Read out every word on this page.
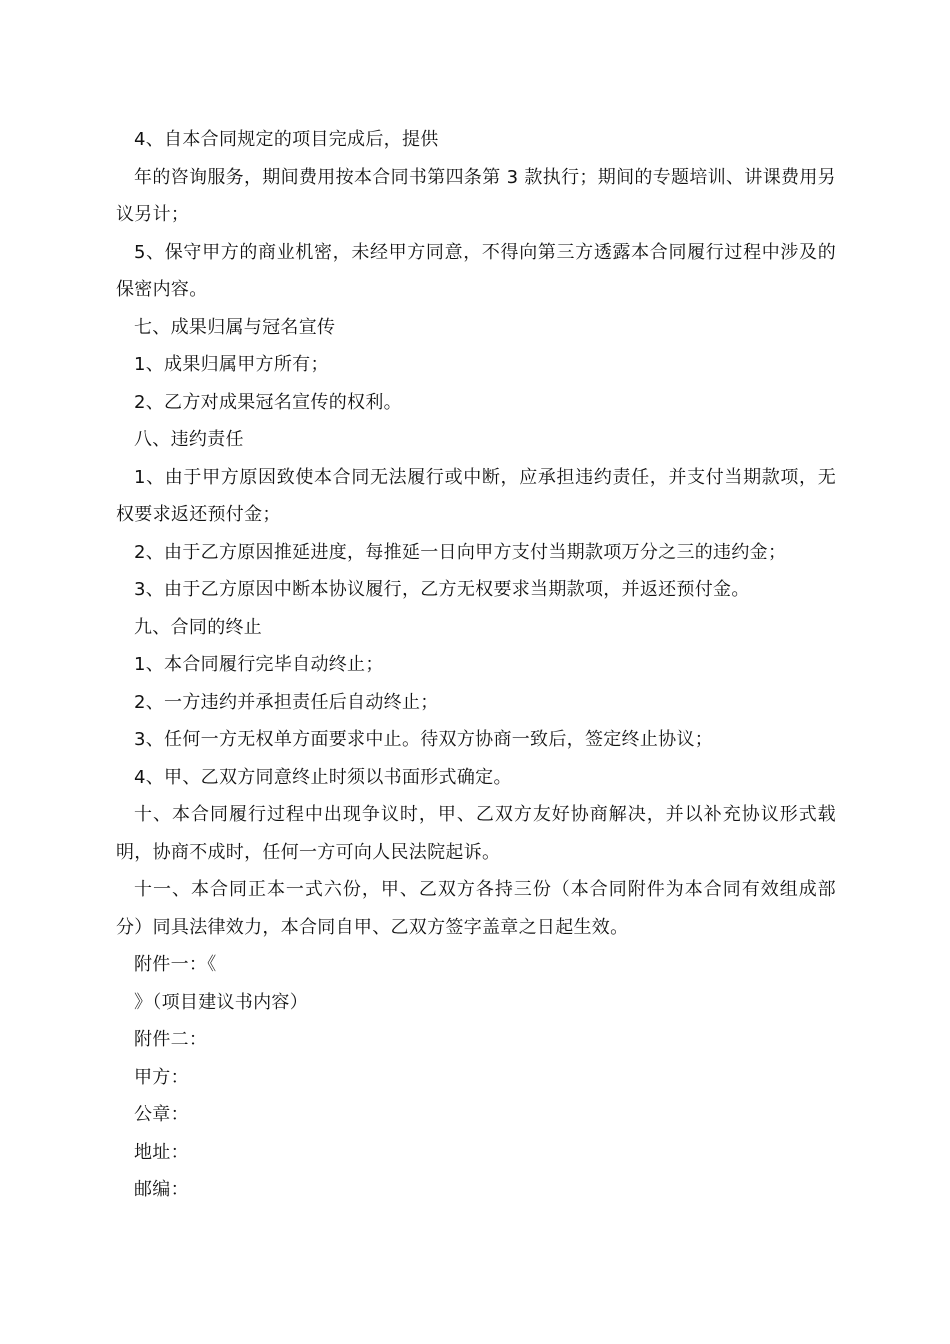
4、自本合同规定的项目完成后，提供

年的咨询服务，期间费用按本合同书第四条第 3 款执行；期间的专题培训、讲课费用另议另计；

5、保守甲方的商业机密，未经甲方同意，不得向第三方透露本合同履行过程中涉及的保密内容。

七、成果归属与冠名宣传

1、成果归属甲方所有；

2、乙方对成果冠名宣传的权利。

八、违约责任

1、由于甲方原因致使本合同无法履行或中断，应承担违约责任，并支付当期款项，无权要求返还预付金；

2、由于乙方原因推延进度，每推延一日向甲方支付当期款项万分之三的违约金；

3、由于乙方原因中断本协议履行，乙方无权要求当期款项，并返还预付金。

九、合同的终止

1、本合同履行完毕自动终止；

2、一方违约并承担责任后自动终止；

3、任何一方无权单方面要求中止。待双方协商一致后，签定终止协议；

4、甲、乙双方同意终止时须以书面形式确定。

十、本合同履行过程中出现争议时，甲、乙双方友好协商解决，并以补充协议形式载明，协商不成时，任何一方可向人民法院起诉。

十一、本合同正本一式六份，甲、乙双方各持三份（本合同附件为本合同有效组成部分）同具法律效力，本合同自甲、乙双方签字盖章之日起生效。

附件一：《

》（项目建议书内容）

附件二：

甲方：

公章：

地址：

邮编：
